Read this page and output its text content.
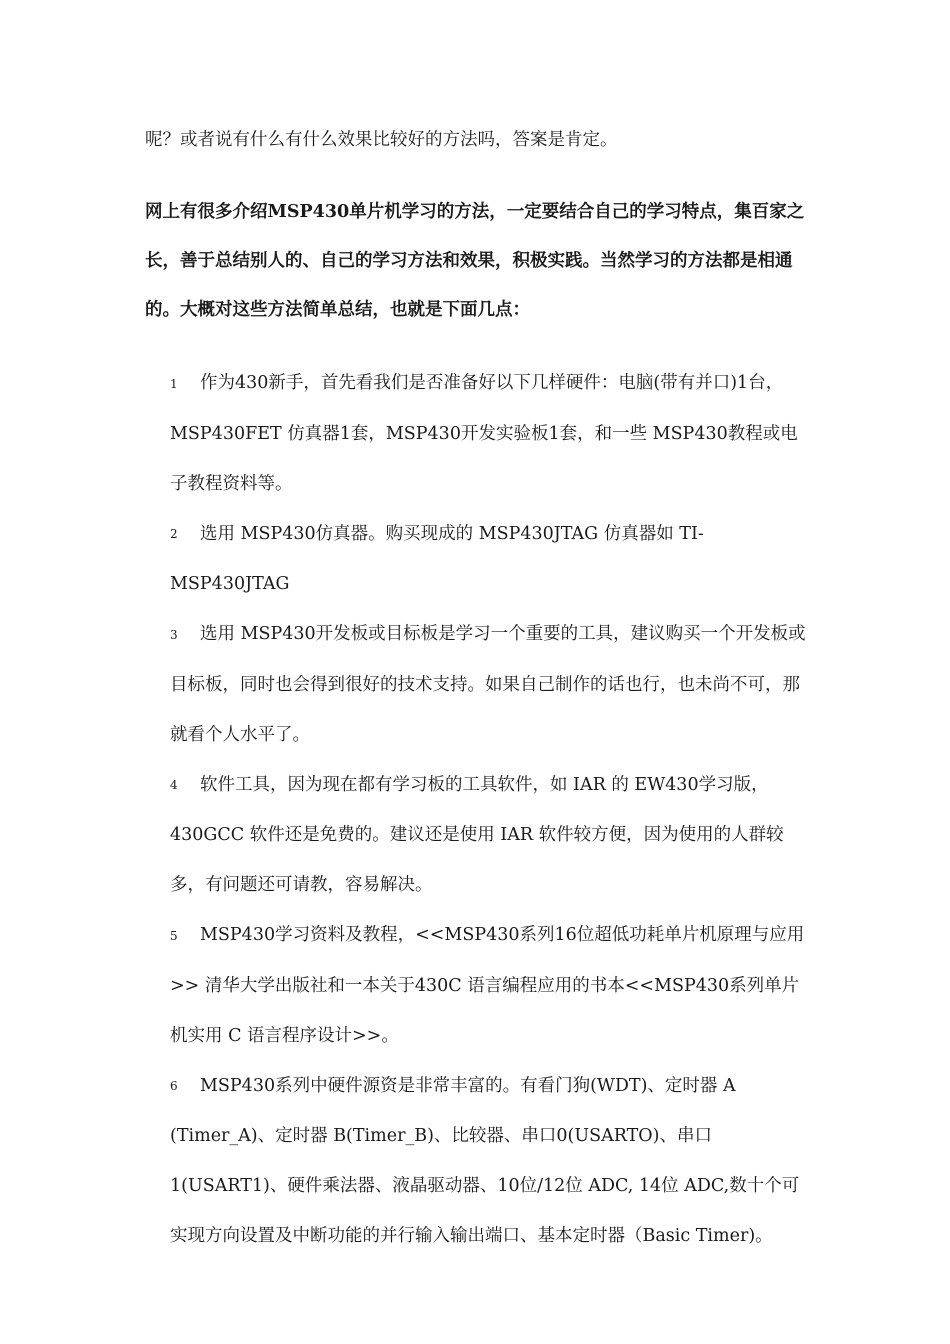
呢？或者说有什么有什么效果比较好的方法吗，答案是肯定。

网上有很多介绍MSP430单片机学习的方法，一定要结合自己的学习特点，集百家之长，善于总结别人的、自己的学习方法和效果，积极实践。当然学习的方法都是相通的。大概对这些方法简单总结，也就是下面几点：

1 作为430新手，首先看我们是否准备好以下几样硬件：电脑(带有并口)1台，MSP430FET 仿真器1套，MSP430开发实验板1套，和一些 MSP430教程或电子教程资料等。
2 选用 MSP430仿真器。购买现成的 MSP430JTAG 仿真器如 TI-MSP430JTAG
3 选用 MSP430开发板或目标板是学习一个重要的工具，建议购买一个开发板或目标板，同时也会得到很好的技术支持。如果自己制作的话也行，也未尚不可，那就看个人水平了。
4 软件工具，因为现在都有学习板的工具软件，如 IAR 的 EW430学习版，430GCC 软件还是免费的。建议还是使用 IAR 软件较方便，因为使用的人群较多，有问题还可请教，容易解决。
5 MSP430学习资料及教程，<<MSP430系列16位超低功耗单片机原理与应用>> 清华大学出版社和一本关于430C 语言编程应用的书本<<MSP430系列单片机实用 C 语言程序设计>>。
6 MSP430系列中硬件源资是非常丰富的。有看门狗(WDT)、定时器 A (Timer_A)、定时器 B(Timer_B)、比较器、串口0(USARTO)、串口1(USART1)、硬件乘法器、液晶驱动器、10位/12位 ADC, 14位 ADC,数十个可实现方向设置及中断功能的并行输入输出端口、基本定时器（Basic Timer)。
